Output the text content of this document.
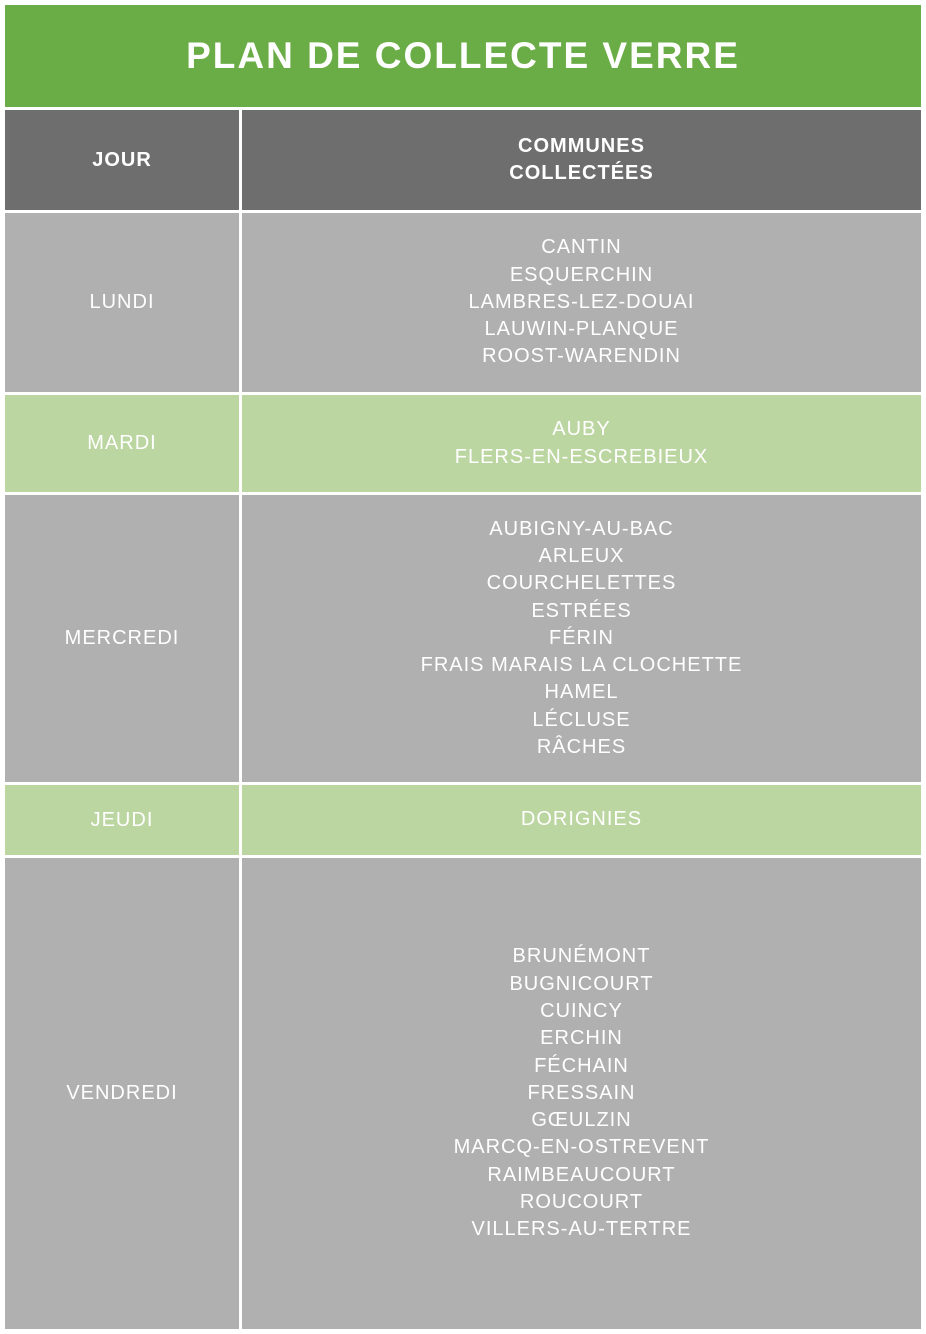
PLAN DE COLLECTE VERRE
JOUR
COMMUNES
COLLECTÉES
LUNDI
CANTIN
ESQUERCHIN
LAMBRES-LEZ-DOUAI
LAUWIN-PLANQUE
ROOST-WARENDIN
MARDI
AUBY
FLERS-EN-ESCREBIEUX
MERCREDI
AUBIGNY-AU-BAC
ARLEUX
COURCHELETTES
ESTRÉES
FÉRIN
FRAIS MARAIS LA CLOCHETTE
HAMEL
LÉCLUSE
RÂCHES
JEUDI	DORIGNIES
VENDREDI
BRUNÉMONT
BUGNICOURT
CUINCY
ERCHIN
FÉCHAIN
FRESSAIN
GŒULZIN
MARCQ-EN-OSTREVENT
RAIMBEAUCOURT
ROUCOURT
VILLERS-AU-TERTRE
